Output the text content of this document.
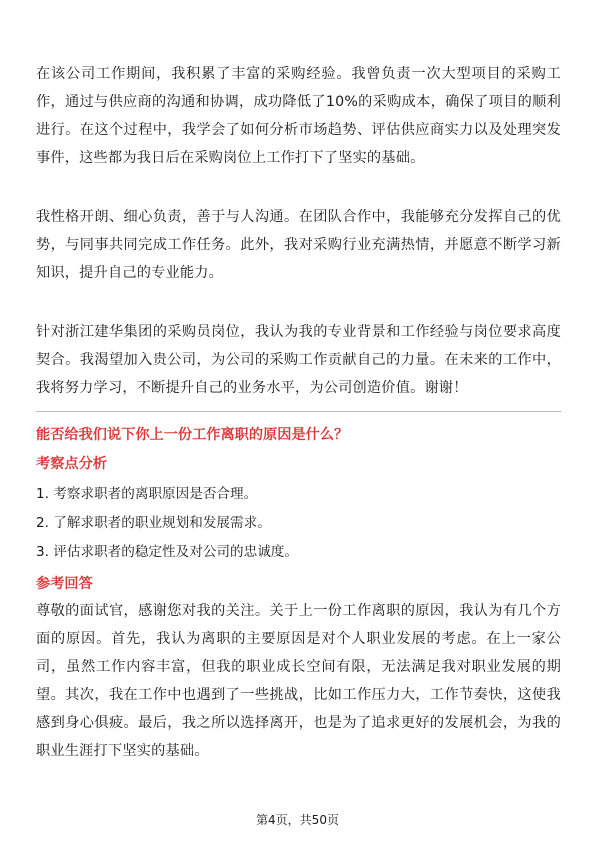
在该公司工作期间，我积累了丰富的采购经验。我曾负责一次大型项目的采购工作，通过与供应商的沟通和协调，成功降低了10%的采购成本，确保了项目的顺利进行。在这个过程中，我学会了如何分析市场趋势、评估供应商实力以及处理突发事件，这些都为我日后在采购岗位上工作打下了坚实的基础。

我性格开朗、细心负责，善于与人沟通。在团队合作中，我能够充分发挥自己的优势，与同事共同完成工作任务。此外，我对采购行业充满热情，并愿意不断学习新知识，提升自己的专业能力。

针对浙江建华集团的采购员岗位，我认为我的专业背景和工作经验与岗位要求高度契合。我渴望加入贵公司，为公司的采购工作贡献自己的力量。在未来的工作中，我将努力学习，不断提升自己的业务水平，为公司创造价值。谢谢！

能否给我们说下你上一份工作离职的原因是什么？

考察点分析

1. 考察求职者的离职原因是否合理。

2. 了解求职者的职业规划和发展需求。

3. 评估求职者的稳定性及对公司的忠诚度。

参考回答

尊敬的面试官，感谢您对我的关注。关于上一份工作离职的原因，我认为有几个方面的原因。首先，我认为离职的主要原因是对个人职业发展的考虑。在上一家公司，虽然工作内容丰富，但我的职业成长空间有限，无法满足我对职业发展的期望。其次，我在工作中也遇到了一些挑战，比如工作压力大，工作节奏快，这使我感到身心俱疲。最后，我之所以选择离开，也是为了追求更好的发展机会，为我的职业生涯打下坚实的基础。

第4页，共50页
